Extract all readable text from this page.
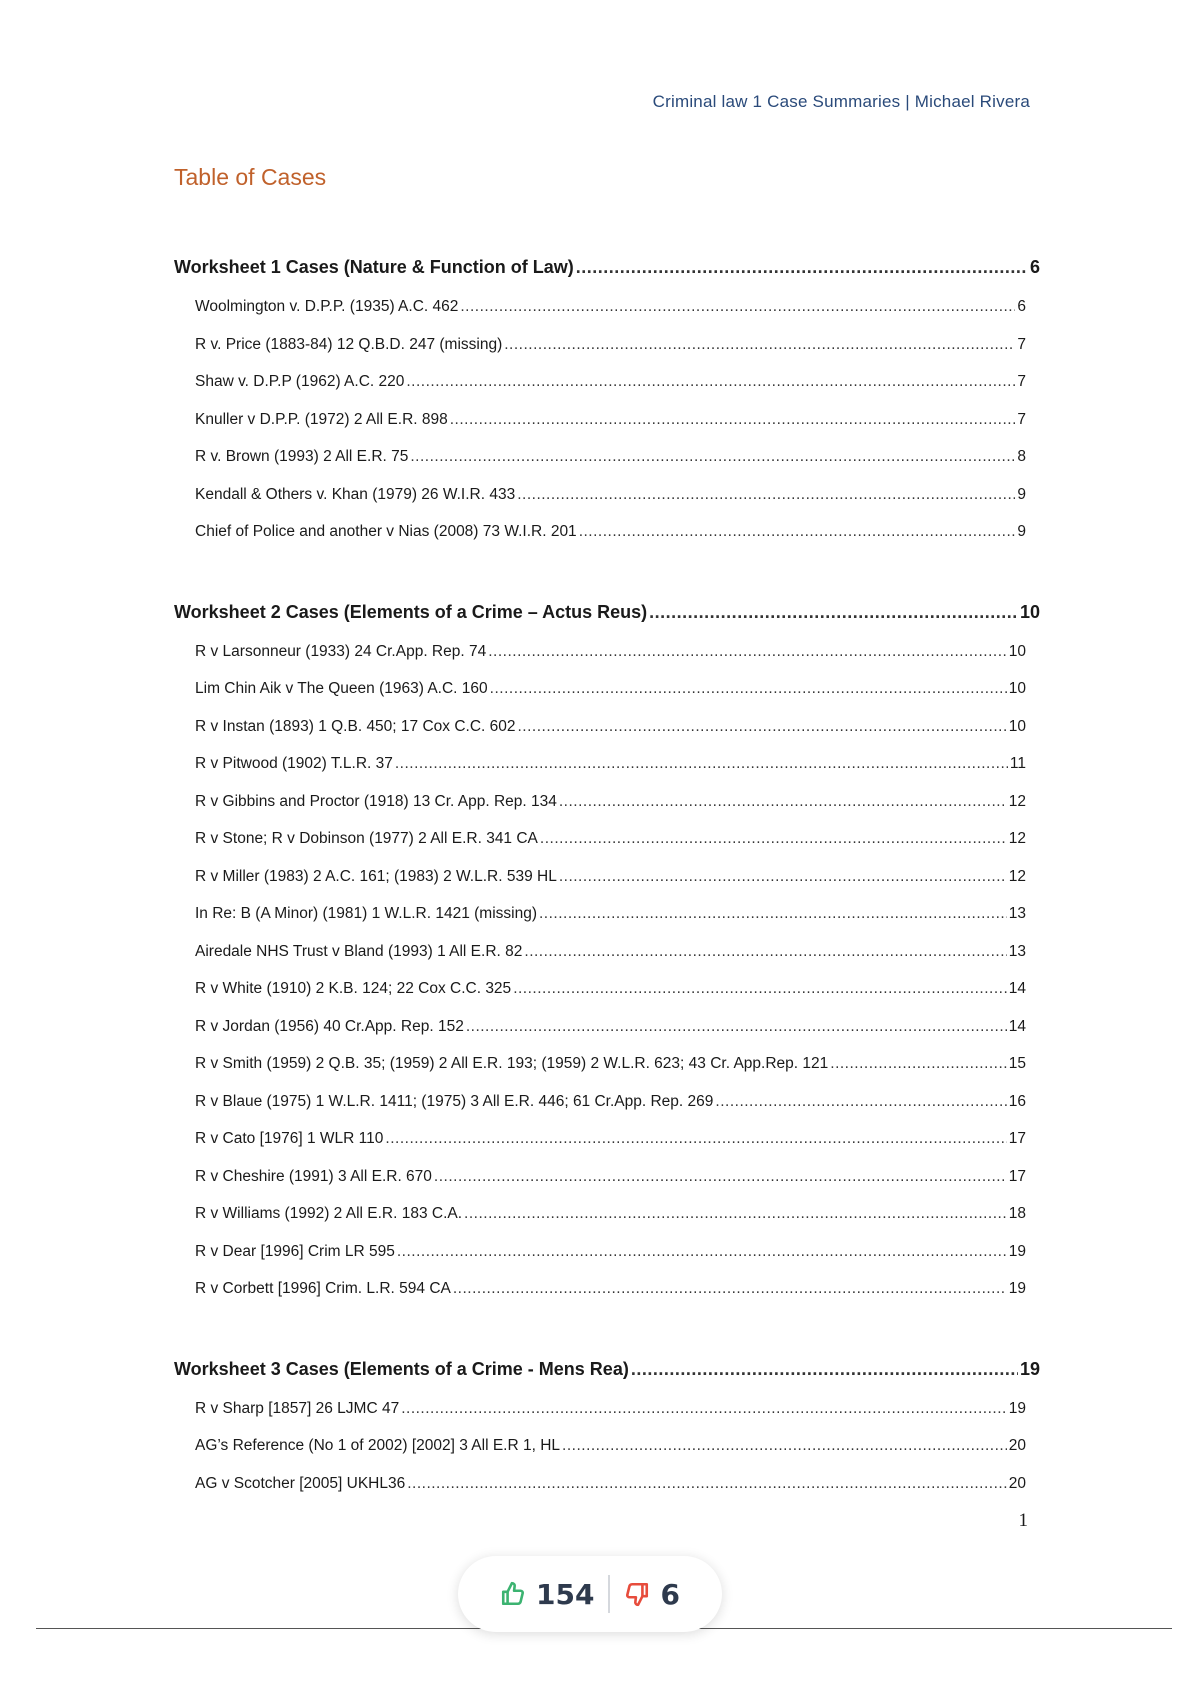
Criminal law 1 Case Summaries | Michael Rivera
Table of Cases
Worksheet 1 Cases (Nature & Function of Law) .....	6
Woolmington v. D.P.P. (1935) A.C. 462 .....	6
R v. Price (1883-84) 12 Q.B.D. 247 (missing) .....	7
Shaw v. D.P.P (1962) A.C. 220 .....	7
Knuller v D.P.P. (1972) 2 All E.R. 898 .....	7
R v. Brown (1993) 2 All E.R. 75 .....	8
Kendall & Others v. Khan (1979) 26 W.I.R. 433 .....	9
Chief of Police and another v Nias (2008) 73 W.I.R. 201 .....	9
Worksheet 2 Cases (Elements of a Crime – Actus Reus) .....	10
R v Larsonneur (1933) 24 Cr.App. Rep. 74 .....	10
Lim Chin Aik v The Queen (1963) A.C. 160 .....	10
R v Instan (1893) 1 Q.B. 450; 17 Cox C.C. 602 .....	10
R v Pitwood (1902) T.L.R. 37 .....	11
R v Gibbins and Proctor (1918) 13 Cr. App. Rep. 134 .....	12
R v Stone; R v Dobinson (1977) 2 All E.R. 341 CA .....	12
R v Miller (1983) 2 A.C. 161; (1983) 2 W.L.R. 539 HL .....	12
In Re: B (A Minor) (1981) 1 W.L.R. 1421 (missing) .....	13
Airedale NHS Trust v Bland (1993) 1 All E.R. 82 .....	13
R v White (1910) 2 K.B. 124; 22 Cox C.C. 325 .....	14
R v Jordan (1956) 40 Cr.App. Rep. 152 .....	14
R v Smith (1959) 2 Q.B. 35; (1959) 2 All E.R. 193; (1959) 2 W.L.R. 623; 43 Cr. App.Rep. 121 .....	15
R v Blaue (1975) 1 W.L.R. 1411; (1975) 3 All E.R. 446; 61 Cr.App. Rep. 269 .....	16
R v Cato [1976] 1 WLR 110 .....	17
R v Cheshire (1991) 3 All E.R. 670 .....	17
R v Williams (1992) 2 All E.R. 183 C.A. .....	18
R v Dear [1996] Crim LR 595 .....	19
R v Corbett [1996] Crim. L.R. 594 CA .....	19
Worksheet 3 Cases (Elements of a Crime - Mens Rea) .....	19
R v Sharp [1857] 26 LJMC 47 .....	19
AG’s Reference (No 1 of 2002) [2002] 3 All E.R 1, HL .....	20
AG v Scotcher [2005] UKHL36 .....	20
1
154 6
